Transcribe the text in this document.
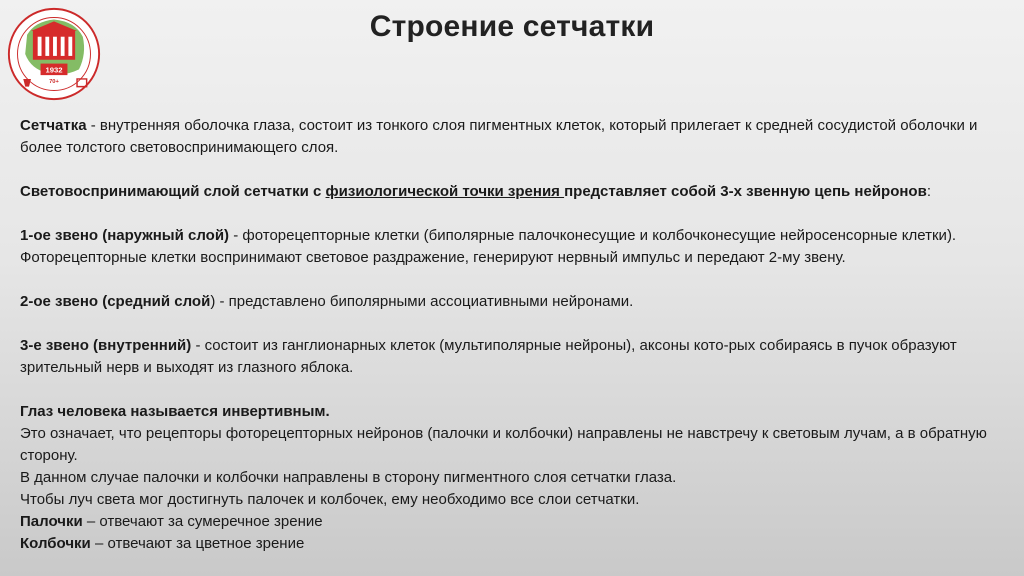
1932
70+
Строение сетчатки

Сетчатка - внутренняя оболочка глаза, состоит из тонкого слоя пигментных клеток, который прилегает к средней сосудистой оболочки и более толстого световоспринимающего слоя.

Световоспринимающий слой сетчатки с физиологической точки зрения представляет собой 3-х звенную цепь нейронов:

1-ое звено (наружный слой) - фоторецепторные клетки (биполярные палочконесущие и колбочконесущие нейросенсорные клетки). Фоторецепторные клетки воспринимают световое раздражение, генерируют нервный импульс и передают 2-му звену.

2-ое звено (средний слой) - представлено биполярными ассоциативными нейронами.

3-е звено (внутренний) - состоит из ганглионарных клеток (мультиполярные нейроны), аксоны кото-рых собираясь в пучок образуют зрительный нерв и выходят из глазного яблока.

Глаз человека называется инвертивным.

Это означает, что рецепторы фоторецепторных нейронов (палочки и колбочки) направлены не навстречу к световым лучам, а в обратную сторону.

В данном случае палочки и колбочки направлены в сторону пигментного слоя сетчатки глаза.

Чтобы луч света мог достигнуть палочек и колбочек, ему необходимо все слои сетчатки.

Палочки – отвечают за сумеречное зрение

Колбочки – отвечают за цветное зрение
